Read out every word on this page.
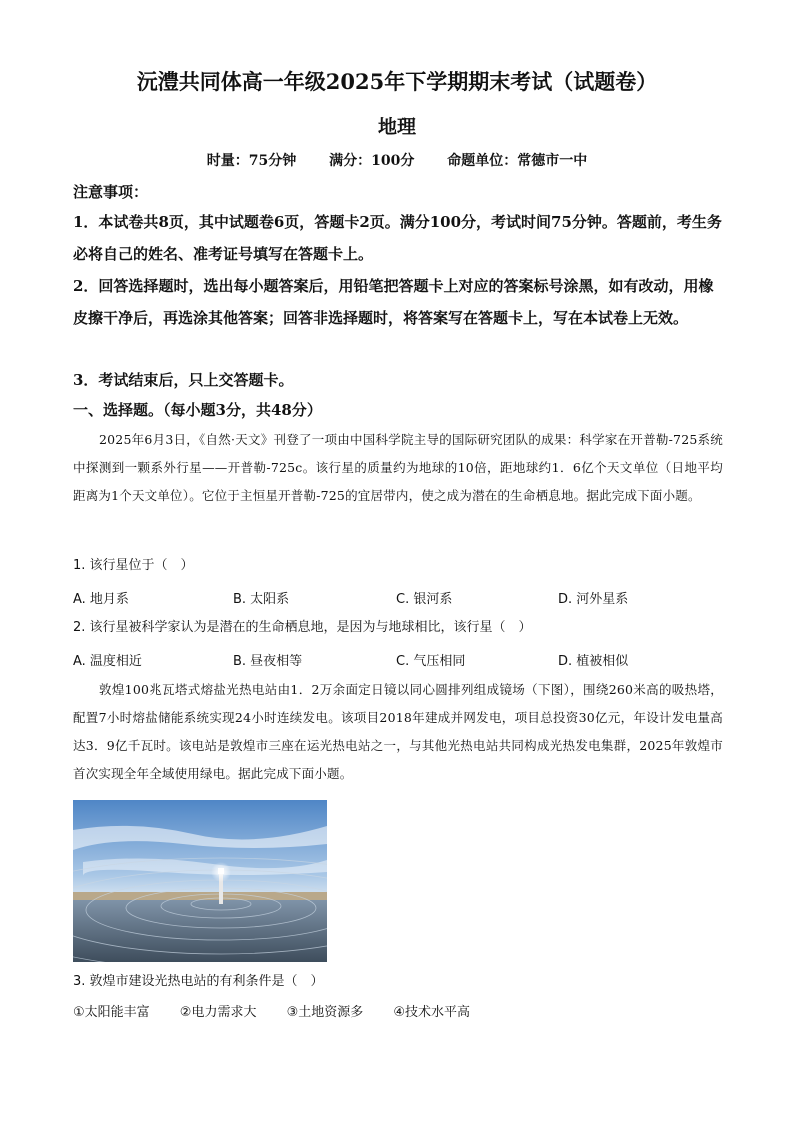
沅澧共同体高一年级2025年下学期期末考试（试题卷）
地理
时量：75分钟 满分：100分 命题单位：常德市一中

注意事项：

1．本试卷共8页，其中试题卷6页，答题卡2页。满分100分，考试时间75分钟。答题前，考生务必将自己的姓名、准考证号填写在答题卡上。

2．回答选择题时，选出每小题答案后，用铅笔把答题卡上对应的答案标号涂黑，如有改动，用橡皮擦干净后，再选涂其他答案；回答非选择题时，将答案写在答题卡上，写在本试卷上无效。

3．考试结束后，只上交答题卡。

一、选择题。（每小题3分，共48分）

2025年6月3日，《自然·天文》刊登了一项由中国科学院主导的国际研究团队的成果：科学家在开普勒-725系统中探测到一颗系外行星——开普勒-725c。该行星的质量约为地球的10倍，距地球约1．6亿个天文单位（日地平均距离为1个天文单位）。它位于主恒星开普勒-725的宜居带内，使之成为潜在的生命栖息地。据此完成下面小题。

1. 该行星位于（　）

A. 地月系	B. 太阳系	C. 银河系	D. 河外星系

2. 该行星被科学家认为是潜在的生命栖息地，是因为与地球相比，该行星（　）

A. 温度相近	B. 昼夜相等	C. 气压相同	D. 植被相似

敦煌100兆瓦塔式熔盐光热电站由1．2万余面定日镜以同心圆排列组成镜场（下图），围绕260米高的吸热塔，配置7小时熔盐储能系统实现24小时连续发电。该项目2018年建成并网发电，项目总投资30亿元，年设计发电量高达3．9亿千瓦时。该电站是敦煌市三座在运光热电站之一，与其他光热电站共同构成光热发电集群，2025年敦煌市首次实现全年全域使用绿电。据此完成下面小题。

3. 敦煌市建设光热电站的有利条件是（　）

①太阳能丰富 ②电力需求大 ③土地资源多 ④技术水平高
